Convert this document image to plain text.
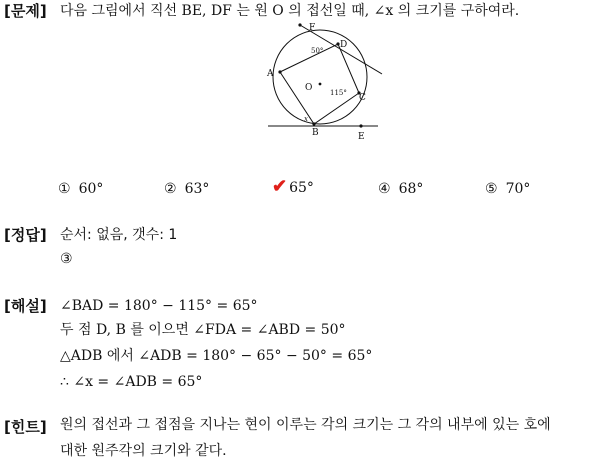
[문제] 다음 그림에서 직선 BE, DF 는 원 O 의 접선일 때, ∠x 의 크기를 구하여라.
F
D
A
O
C
B	E
50°
115°
x
① 60°	② 63°	✔ 65°	④ 68°	⑤ 70°
[정답] 순서: 없음, 갯수: 1
③
[해설] ∠BAD = 180° − 115° = 65°
두 점 D, B 를 이으면 ∠FDA = ∠ABD = 50°
△ADB 에서 ∠ADB = 180° − 65° − 50° = 65°
∴ ∠x = ∠ADB = 65°
[힌트] 원의 접선과 그 접점을 지나는 현이 이루는 각의 크기는 그 각의 내부에 있는 호에
대한 원주각의 크기와 같다.
